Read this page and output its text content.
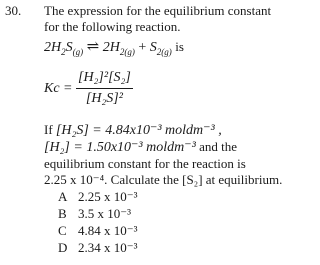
30. The expression for the equilibrium constant
for the following reaction.
$2H_2S_{(g)}$ ⇌ $2H_{2(g)} + S_{2(g)}$ is
$Kc = \frac{\text{[H₂]²[S₂]}}{\text{[H₂S]²}}$
If [H₂S] = 4.84x10⁻³ moldm⁻³ ,
[H₂] = 1.50x10⁻³ moldm⁻³ and the
equilibrium constant for the reaction is
2.25 x 10⁻⁴. Calculate the [S₂] at equilibrium.
A 2.25 x 10⁻³
B 3.5 x 10⁻³
C 4.84 x 10⁻³
D 2.34 x 10⁻³
